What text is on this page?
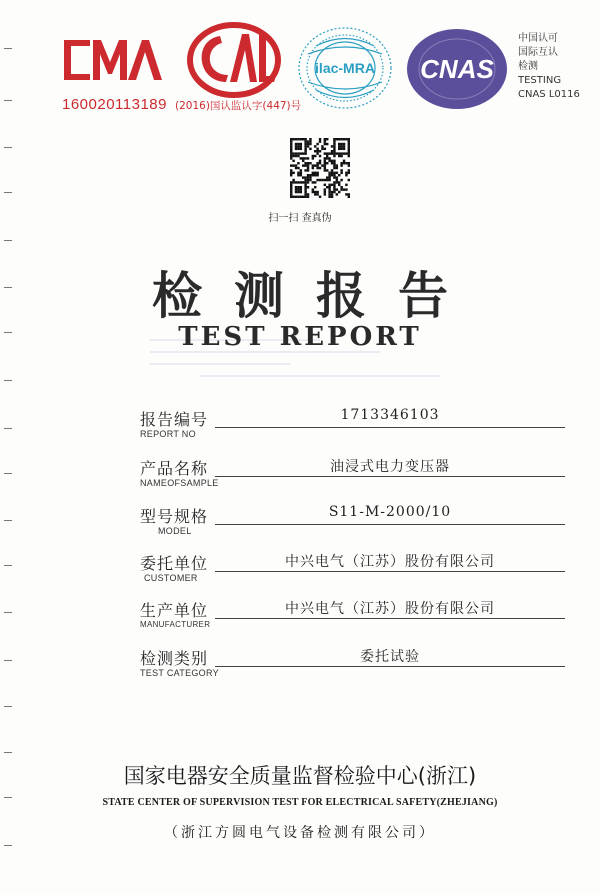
CMA
CAL
ilac-MRA CNAS
160020113189 (2016)国认监认字(447)号
中国认可
国际互认
检测
TESTING
CNAS L0116
扫一扫 查真伪
检测报告
TEST REPORT
报告编号
REPORT NO
1713346103
产品名称
NAMEOFSAMPLE
油浸式电力变压器
型号规格
MODEL
S11-M-2000/10
委托单位
CUSTOMER
中兴电气（江苏）股份有限公司
生产单位
MANUFACTURER
中兴电气（江苏）股份有限公司
检测类别
TEST CATEGORY
委托试验
国家电器安全质量监督检验中心(浙江)
STATE CENTER OF SUPERVISION TEST FOR ELECTRICAL SAFETY(ZHEJIANG)
（浙江方圆电气设备检测有限公司）
